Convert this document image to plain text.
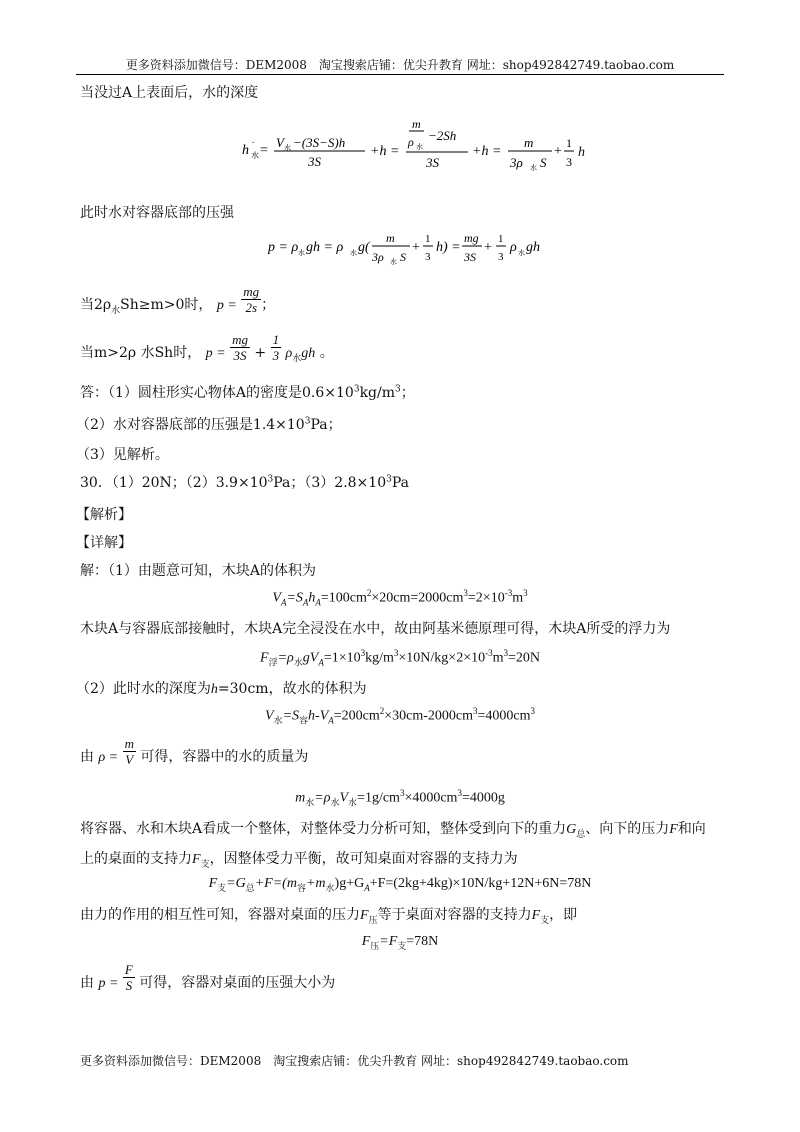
更多资料添加微信号：DEM2008　淘宝搜索店铺：优尖升教育 网址：shop492842749.taobao.com
当没过A上表面后，水的深度
h 水
ˉ =
V 水 −(3S−S)h
3S
+h =
m
ρ 水
−2Sh
3S
+h =
m
3ρ 水 S
+
1
3
h
此时水对容器底部的压强
p = ρ 水 gh = ρ 水 g(
m
3ρ 水 S
+
1
3
h) =
mg
3S
+
1
3
ρ 水 gh
当$2\rho_水Sh\ge m>0$时， $p = \frac{mg}{2s}$ ；
当m>2ρ 水Sh时， $p = \frac{mg}{3S} + \frac{1}{3} \rho_水gh$ 。
答：（1）圆柱形实心物体A的密度是$0.6\times 10^3kg/m^3$；
（2）水对容器底部的压强是$1.4\times 10^3Pa$；
（3）见解析。
30．（1）20N；$(2)3.9\times 10^3Pa$；$(3)2.8\times 10^3Pa$
【解析】
【详解】
解：（1）由题意可知，木块A的体积为
$V_A=S_Ah_A=100cm^2\times 20cm=2000cm^3=2\times 10^{-3}m^3$
木块A与容器底部接触时，木块A完全浸没在水中，故由阿基米德原理可得，木块A所受的浮力为
$F_浮=\rho_水gV_A=1\times 10^3kg/m^3\times 10N/kg\times 2\times 10^{-3}m^3=20N$
（2）此时水的深度为h=30cm，故水的体积为
$V_水=S_容h-V_A=200cm^2\times 30cm-2000cm^3=4000cm^3$
由 $\rho = \frac{m}{V}$ 可得，容器中的水的质量为
$m_水=\rho_水V_水=1g/cm^3\times 4000cm^3=4000g$
将容器、水和木块A看成一个整体，对整体受力分析可知，整体受到向下的重力$G_总$、向下的压力F和向
上的桌面的支持力$F_支$，因整体受力平衡，故可知桌面对容器的支持力为
$F_支=G_总+F=(m_容+m_水)g+G_A+F=(2kg+4kg)\times 10N/kg+12N+6N=78N$
由力的作用的相互性可知，容器对桌面的压力$F_压$等于桌面对容器的支持力$F_支$，即
$F_压=F_支=78N$
由 $p = \frac{F}{S}$ 可得，容器对桌面的压强大小为
更多资料添加微信号：DEM2008　淘宝搜索店铺：优尖升教育 网址：shop492842749.taobao.com
